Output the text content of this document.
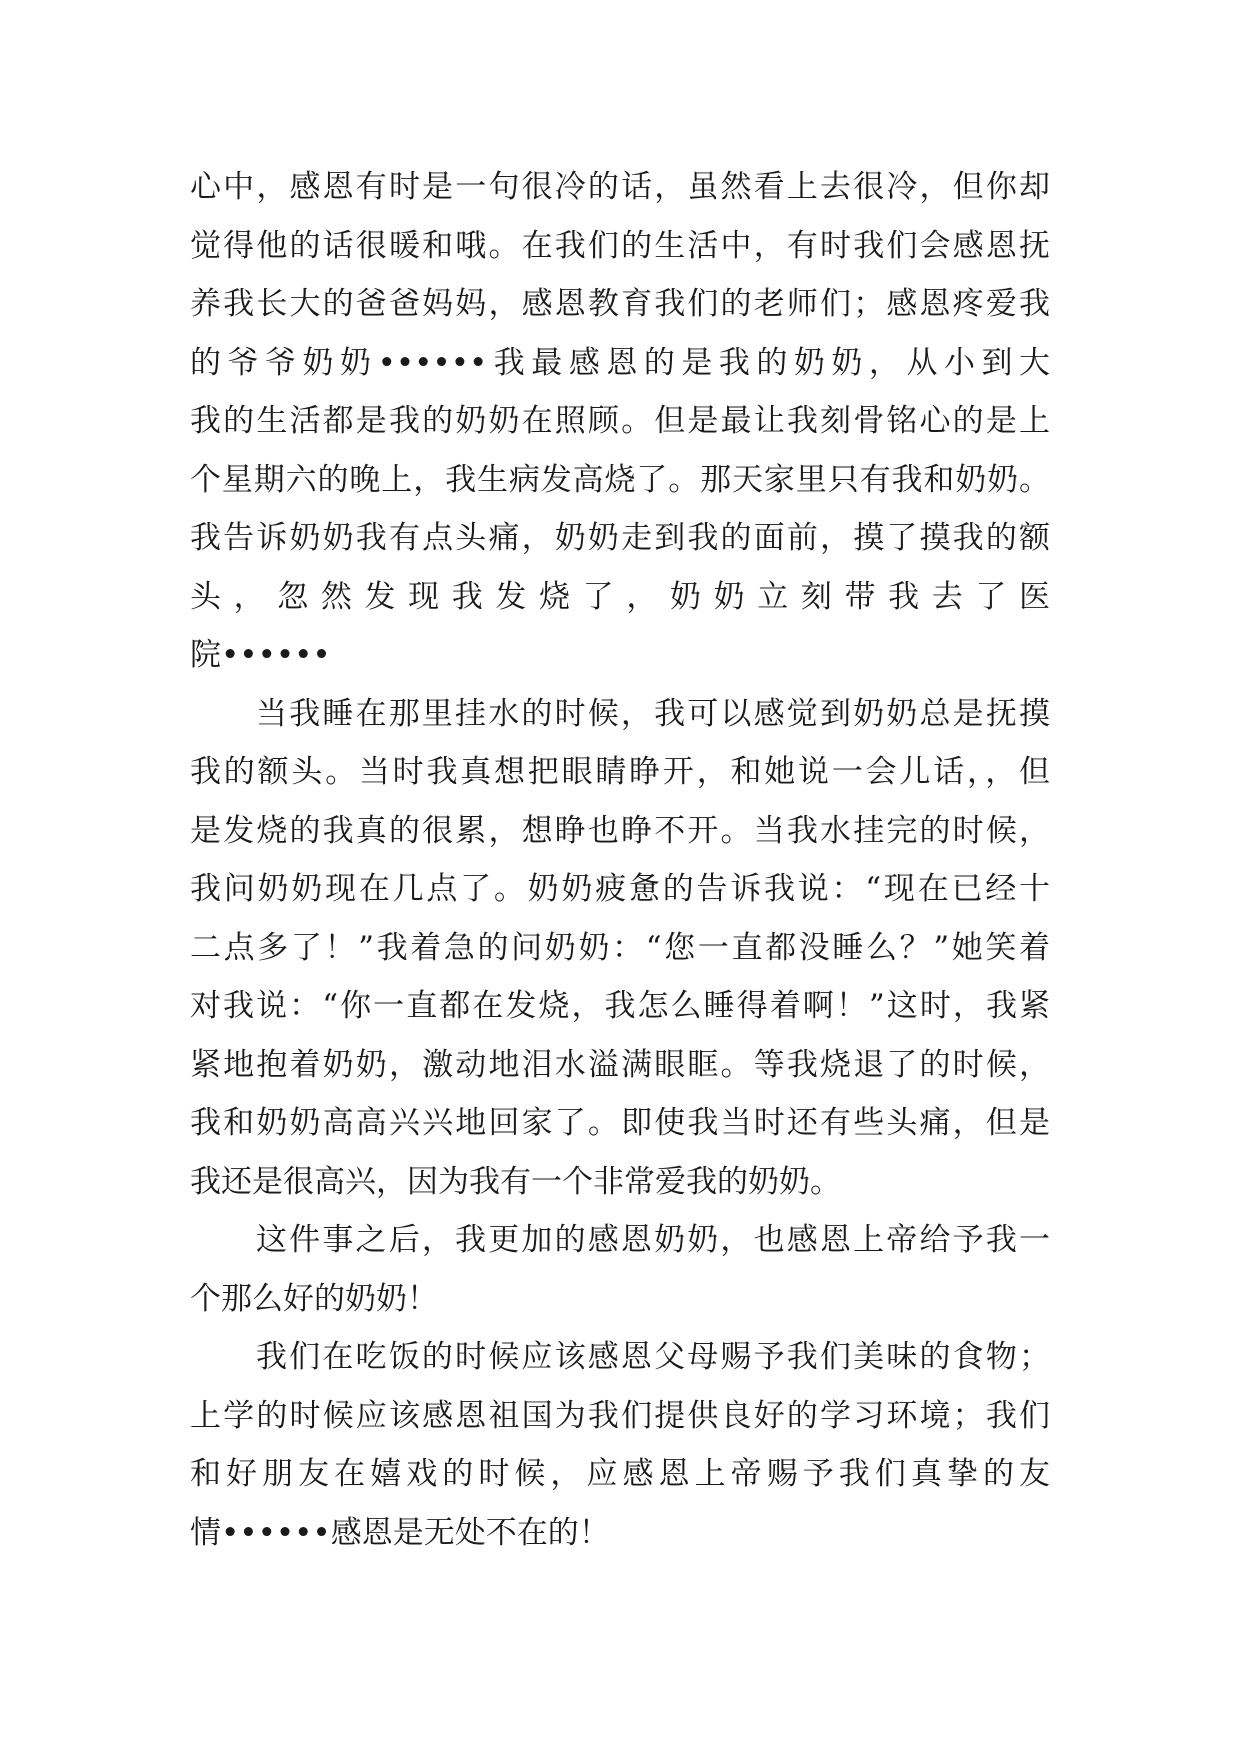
心中，感恩有时是一句很冷的话，虽然看上去很冷，但你却
觉得他的话很暖和哦。在我们的生活中，有时我们会感恩抚
养我长大的爸爸妈妈，感恩教育我们的老师们；感恩疼爱我
的爷爷奶奶••••••我最感恩的是我的奶奶，从小到大
我的生活都是我的奶奶在照顾。但是最让我刻骨铭心的是上
个星期六的晚上，我生病发高烧了。那天家里只有我和奶奶。
我告诉奶奶我有点头痛，奶奶走到我的面前，摸了摸我的额
头，忽然发现我发烧了，奶奶立刻带我去了医
院••••••
当我睡在那里挂水的时候，我可以感觉到奶奶总是抚摸
我的额头。当时我真想把眼睛睁开，和她说一会儿话，，但
是发烧的我真的很累，想睁也睁不开。当我水挂完的时候，
我问奶奶现在几点了。奶奶疲惫的告诉我说：“现在已经十
二点多了！”我着急的问奶奶：“您一直都没睡么？”她笑着
对我说：“你一直都在发烧，我怎么睡得着啊！”这时，我紧
紧地抱着奶奶，激动地泪水溢满眼眶。等我烧退了的时候，
我和奶奶高高兴兴地回家了。即使我当时还有些头痛，但是
我还是很高兴，因为我有一个非常爱我的奶奶。
这件事之后，我更加的感恩奶奶，也感恩上帝给予我一
个那么好的奶奶！
我们在吃饭的时候应该感恩父母赐予我们美味的食物；
上学的时候应该感恩祖国为我们提供良好的学习环境；我们
和好朋友在嬉戏的时候，应感恩上帝赐予我们真挚的友
情••••••感恩是无处不在的！
